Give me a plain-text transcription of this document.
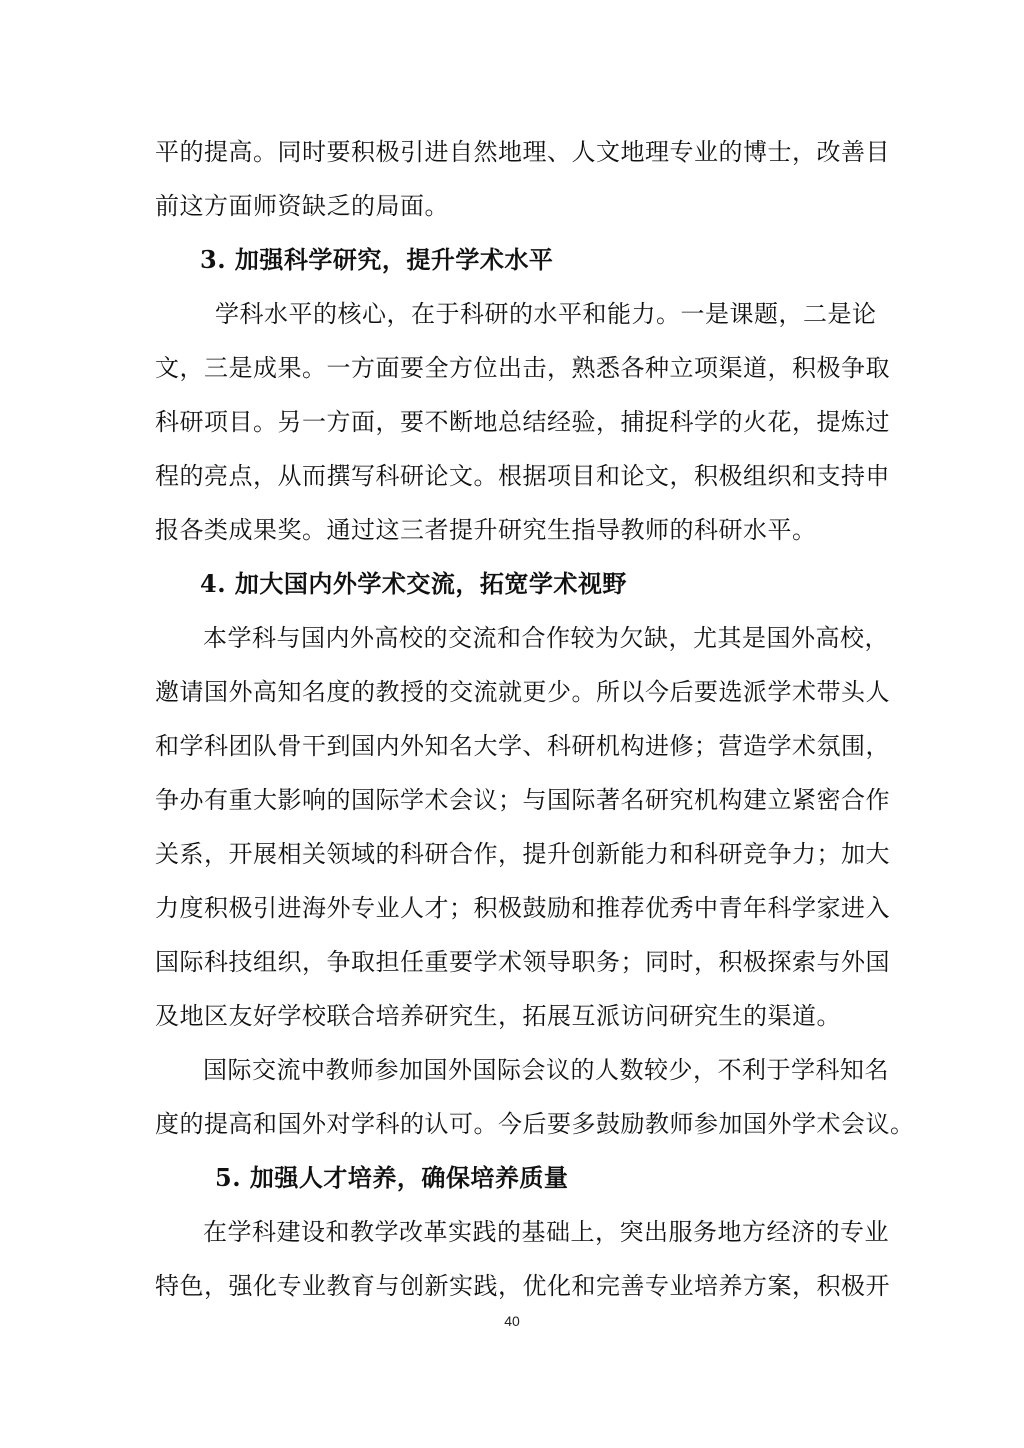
平的提高。同时要积极引进自然地理、人文地理专业的博士，改善目
前这方面师资缺乏的局面。
3. 加强科学研究，提升学术水平
学科水平的核心，在于科研的水平和能力。一是课题，二是论
文，三是成果。一方面要全方位出击，熟悉各种立项渠道，积极争取
科研项目。另一方面，要不断地总结经验，捕捉科学的火花，提炼过
程的亮点，从而撰写科研论文。根据项目和论文，积极组织和支持申
报各类成果奖。通过这三者提升研究生指导教师的科研水平。
4. 加大国内外学术交流，拓宽学术视野
本学科与国内外高校的交流和合作较为欠缺，尤其是国外高校，
邀请国外高知名度的教授的交流就更少。所以今后要选派学术带头人
和学科团队骨干到国内外知名大学、科研机构进修；营造学术氛围，
争办有重大影响的国际学术会议；与国际著名研究机构建立紧密合作
关系，开展相关领域的科研合作，提升创新能力和科研竞争力；加大
力度积极引进海外专业人才；积极鼓励和推荐优秀中青年科学家进入
国际科技组织，争取担任重要学术领导职务；同时，积极探索与外国
及地区友好学校联合培养研究生，拓展互派访问研究生的渠道。
国际交流中教师参加国外国际会议的人数较少，不利于学科知名
度的提高和国外对学科的认可。今后要多鼓励教师参加国外学术会议。
5. 加强人才培养，确保培养质量
在学科建设和教学改革实践的基础上，突出服务地方经济的专业
特色，强化专业教育与创新实践，优化和完善专业培养方案，积极开
40
